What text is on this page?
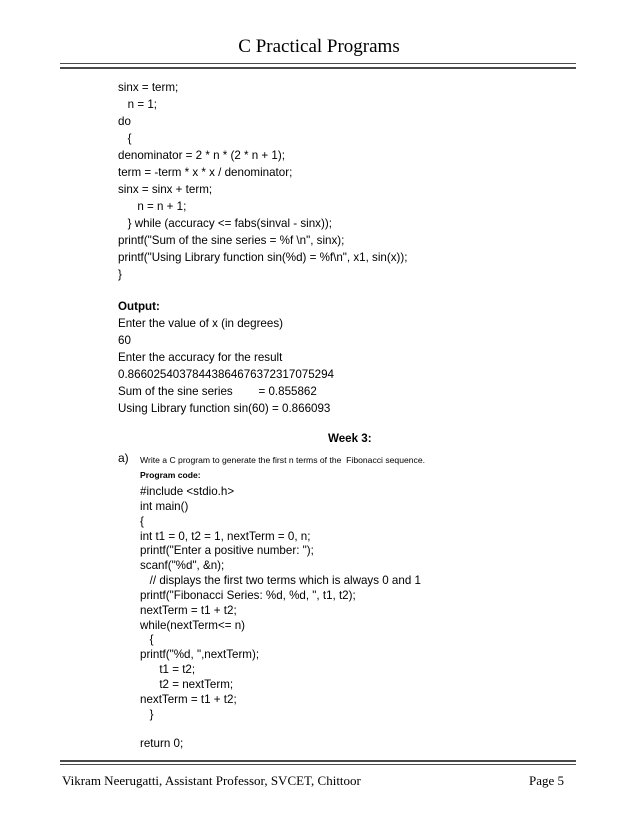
C Practical Programs
sinx = term;
n = 1;
do
{
denominator = 2 * n * (2 * n + 1);
term = -term * x * x / denominator;
sinx = sinx + term;
n = n + 1;
} while (accuracy <= fabs(sinval - sinx));
printf("Sum of the sine series = %f \n", sinx);
printf("Using Library function sin(%d) = %f\n", x1, sin(x));
}
Output:
Enter the value of x (in degrees)
60
Enter the accuracy for the result
0.866025403784438646763723170752​94
Sum of the sine series        = 0.855862
Using Library function sin(60) = 0.866093
Week 3:
a) Write a C program to generate the first n terms of the  Fibonacci sequence.
Program code:
#include <stdio.h>
int main()
{
int t1 = 0, t2 = 1, nextTerm = 0, n;
printf("Enter a positive number: ");
scanf("%d", &n);
// displays the first two terms which is always 0 and 1
printf("Fibonacci Series: %d, %d, ", t1, t2);
nextTerm = t1 + t2;
while(nextTerm<= n)
{
printf("%d, ",nextTerm);
t1 = t2;
t2 = nextTerm;
nextTerm = t1 + t2;
}
return 0;
Vikram Neerugatti, Assistant Professor, SVCET, Chittoor	Page 5
